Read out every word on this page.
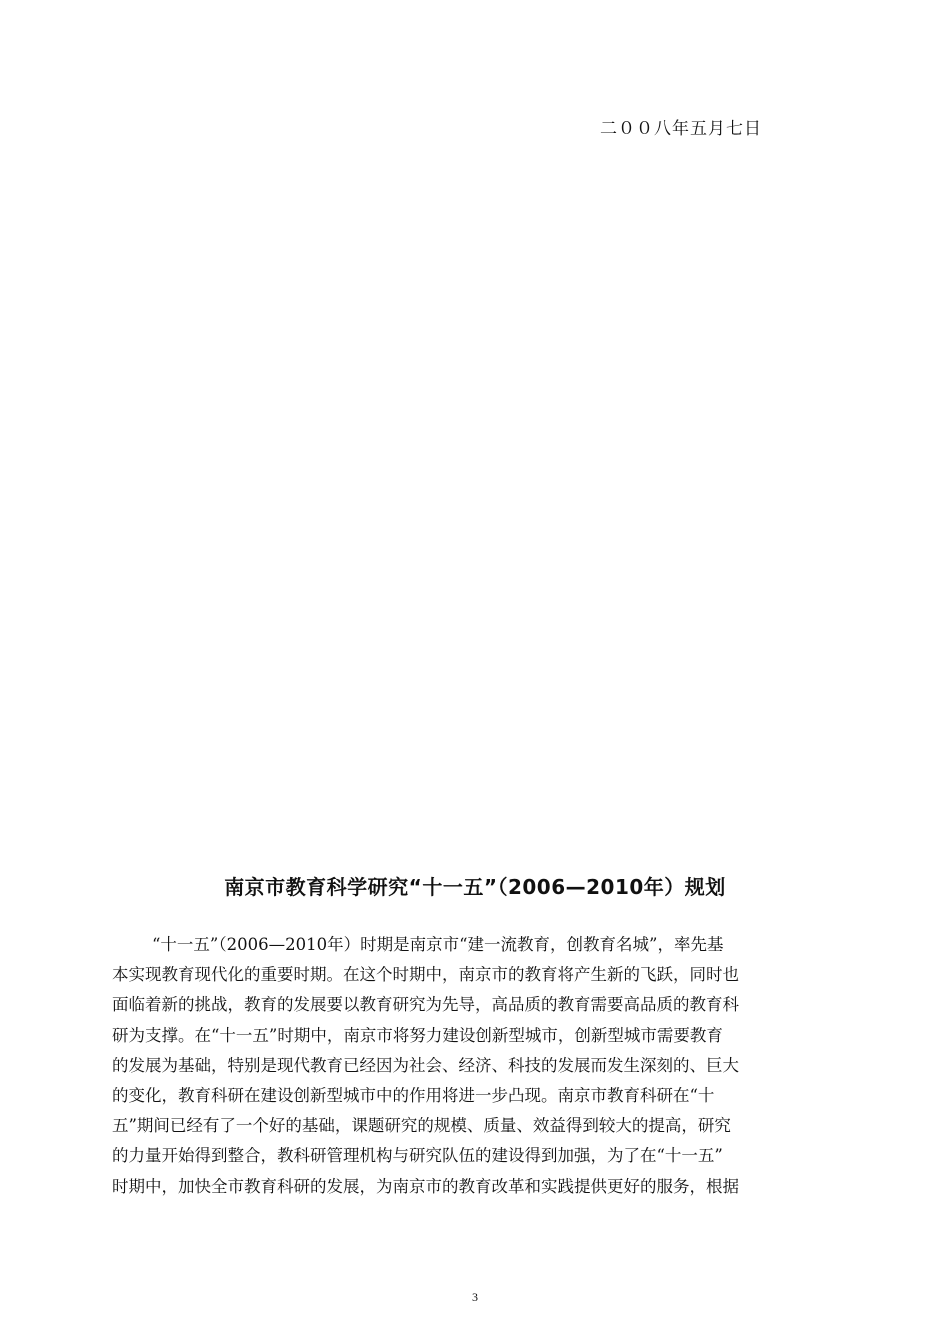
二００八年五月七日
南京市教育科学研究“十一五”（2006—2010年）规划

“十一五”（2006—2010年）时期是南京市“建一流教育，创教育名城”，率先基
本实现教育现代化的重要时期。在这个时期中，南京市的教育将产生新的飞跃，同时也
面临着新的挑战，教育的发展要以教育研究为先导，高品质的教育需要高品质的教育科
研为支撑。在“十一五”时期中，南京市将努力建设创新型城市，创新型城市需要教育
的发展为基础，特别是现代教育已经因为社会、经济、科技的发展而发生深刻的、巨大
的变化，教育科研在建设创新型城市中的作用将进一步凸现。南京市教育科研在“十
五”期间已经有了一个好的基础，课题研究的规模、质量、效益得到较大的提高，研究
的力量开始得到整合，教科研管理机构与研究队伍的建设得到加强，为了在“十一五”
时期中，加快全市教育科研的发展，为南京市的教育改革和实践提供更好的服务，根据

3
